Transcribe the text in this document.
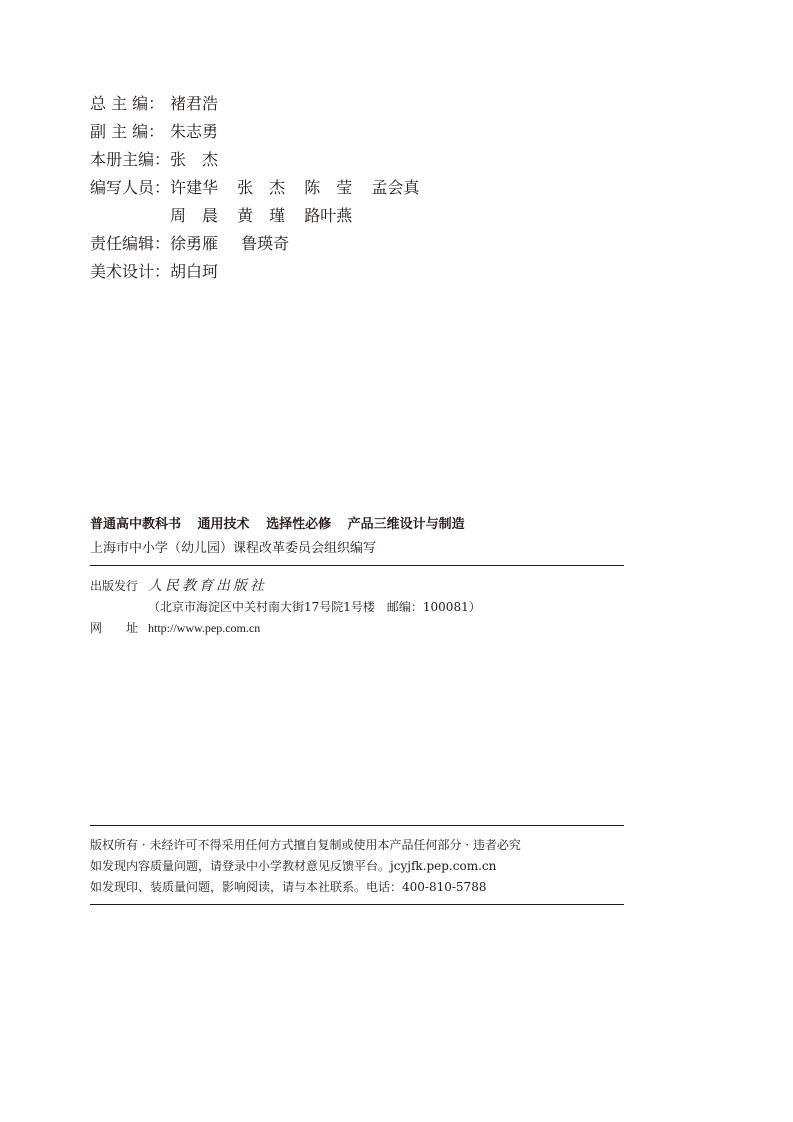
总 主 编： 褚君浩
副 主 编： 朱志勇
本册主编： 张　杰
编写人员： 许建华 张　杰 陈　莹 孟会真
周　晨 黄　瑾 路叶燕
责任编辑： 徐勇雁 鲁瑛奇
美术设计： 胡白珂
普通高中教科书 通用技术 选择性必修 产品三维设计与制造
上海市中小学（幼儿园）课程改革委员会组织编写
出版发行 人民教育出版社
（北京市海淀区中关村南大街17号院1号楼　邮编：100081）
网　　址 http://www.pep.com.cn
版权所有 · 未经许可不得采用任何方式擅自复制或使用本产品任何部分 · 违者必究
如发现内容质量问题，请登录中小学教材意见反馈平台。jcyjfk.pep.com.cn
如发现印、装质量问题，影响阅读，请与本社联系。电话：400-810-5788
